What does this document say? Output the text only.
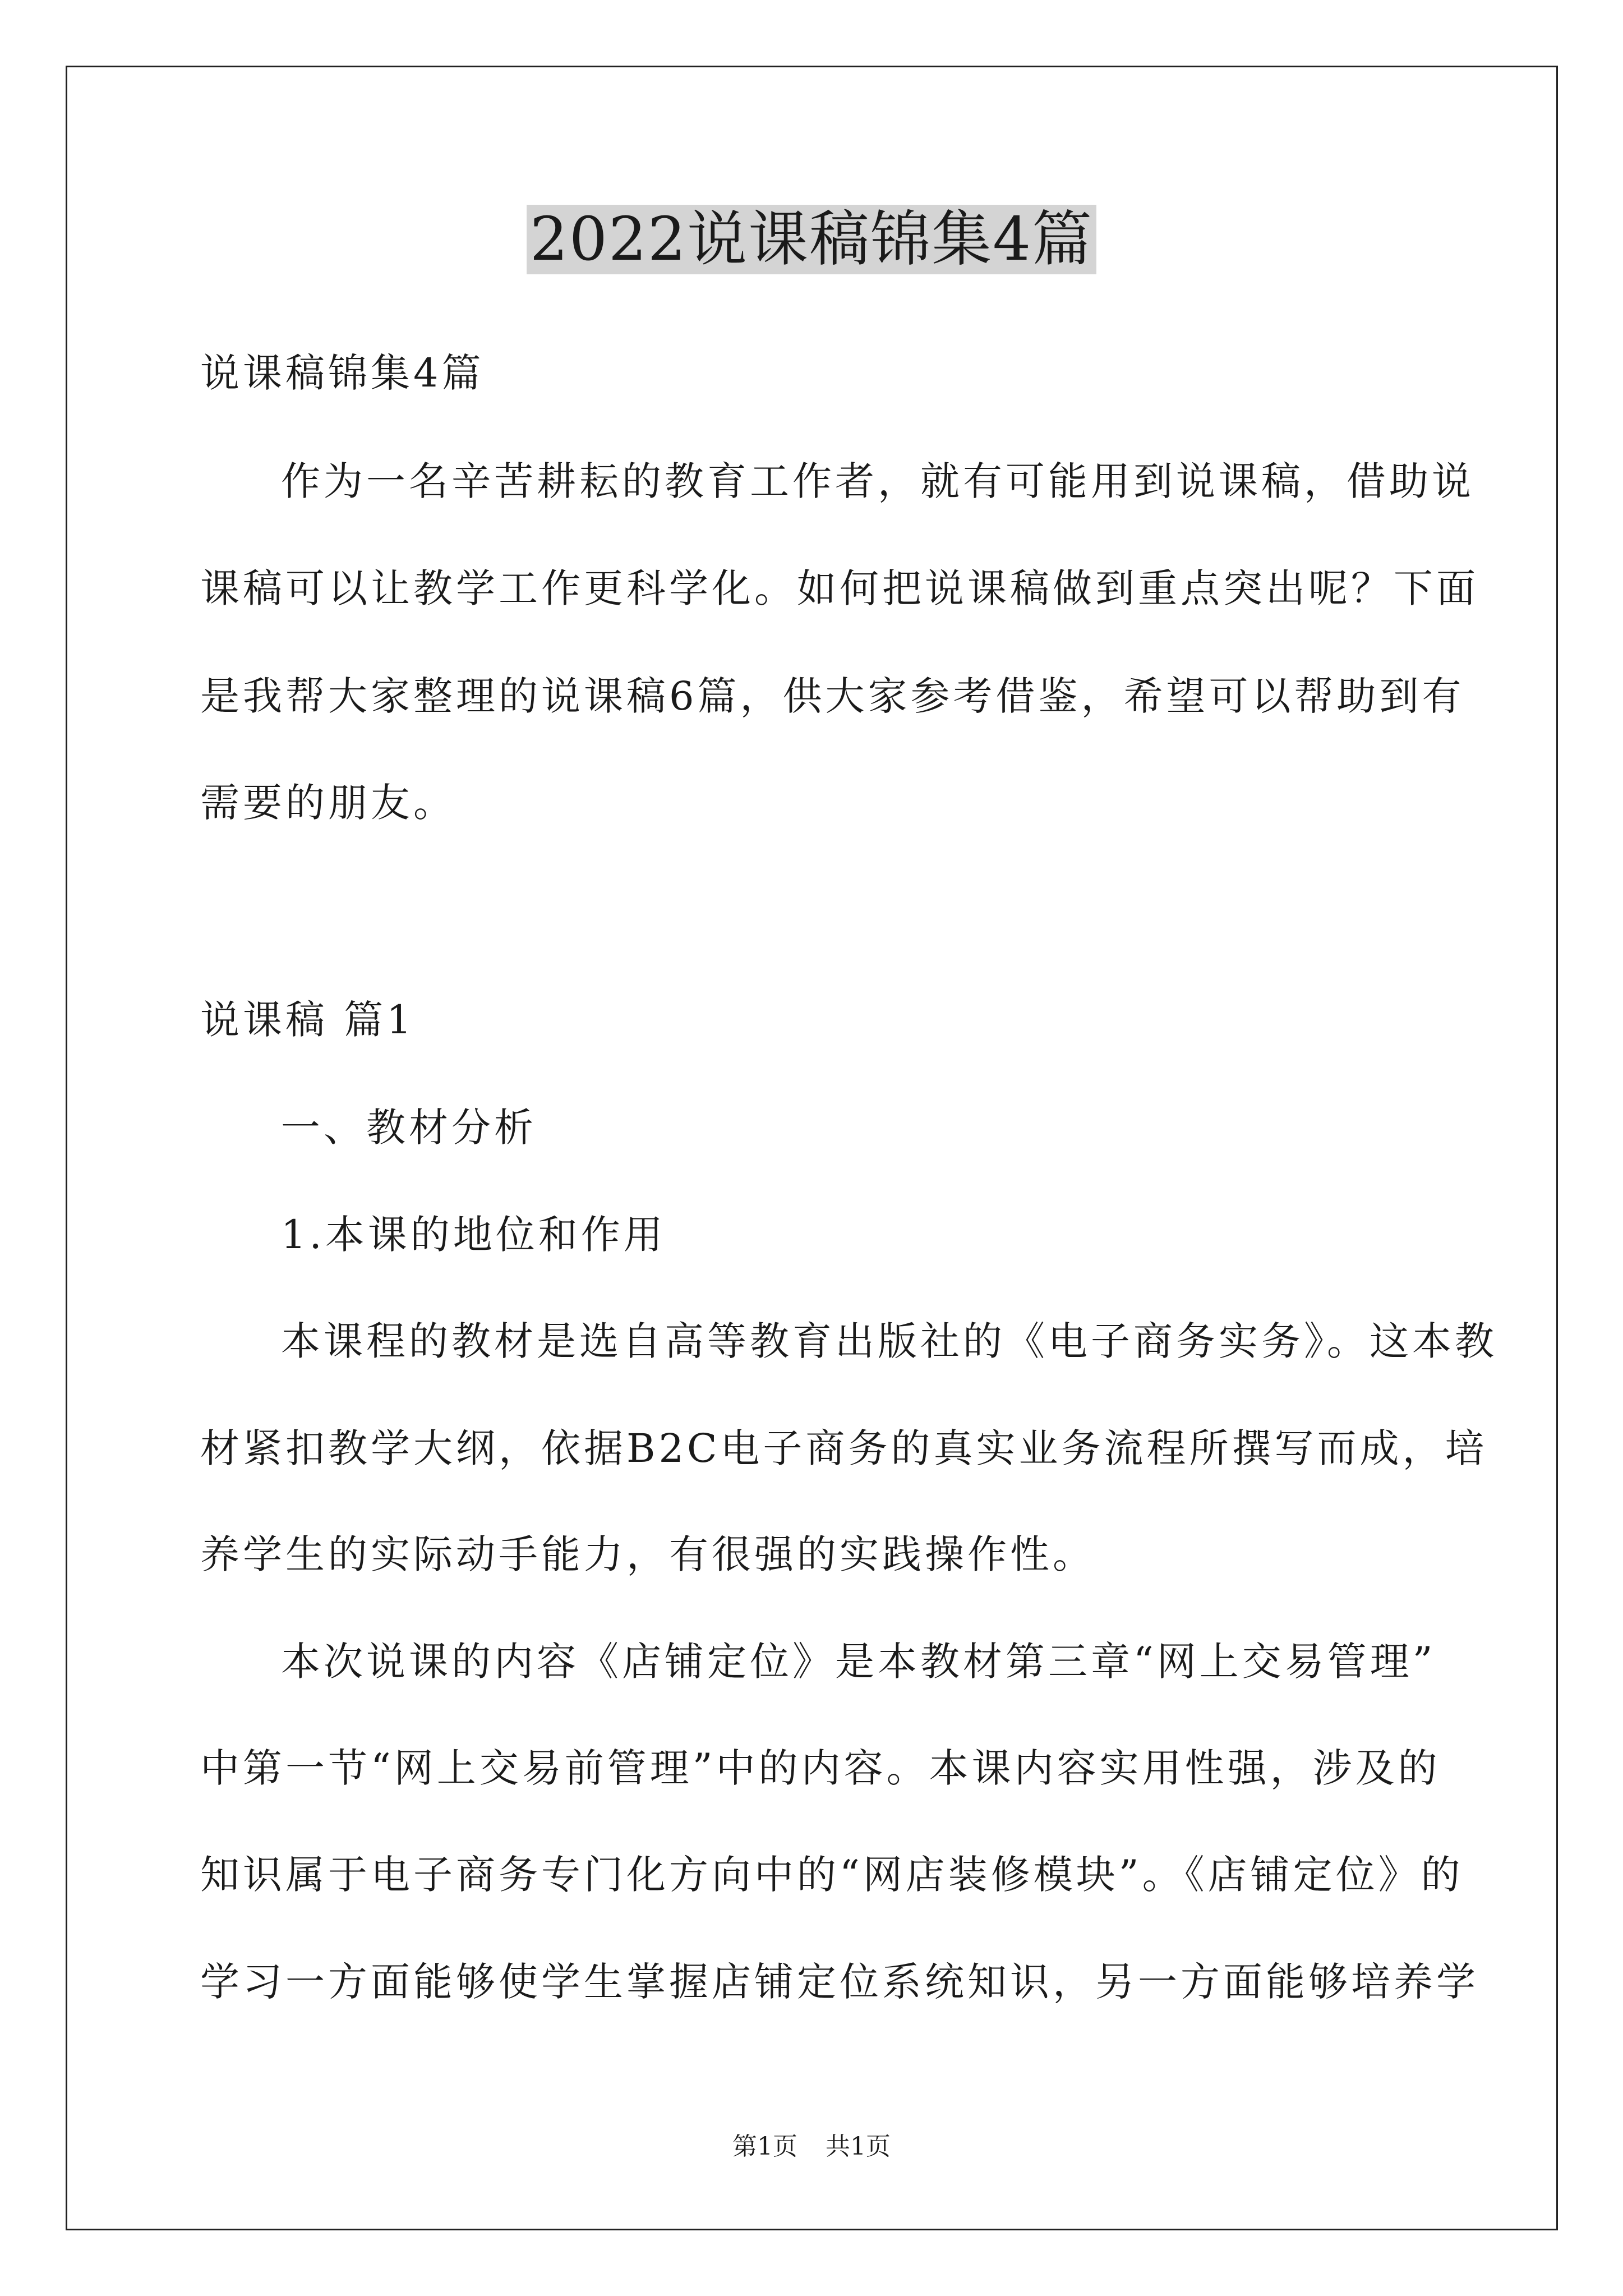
2022说课稿锦集4篇
说课稿锦集4篇
作为一名辛苦耕耘的教育工作者，就有可能用到说课稿，借助说
课稿可以让教学工作更科学化。如何把说课稿做到重点突出呢？下面
是我帮大家整理的说课稿6篇，供大家参考借鉴，希望可以帮助到有
需要的朋友。
说课稿 篇1
一、教材分析
1.本课的地位和作用
本课程的教材是选自高等教育出版社的《电子商务实务》。这本教
材紧扣教学大纲，依据B2C电子商务的真实业务流程所撰写而成，培
养学生的实际动手能力，有很强的实践操作性。
本次说课的内容《店铺定位》是本教材第三章“网上交易管理”
中第一节“网上交易前管理”中的内容。本课内容实用性强，涉及的
知识属于电子商务专门化方向中的“网店装修模块”。《店铺定位》的
学习一方面能够使学生掌握店铺定位系统知识，另一方面能够培养学
第1页 共1页
